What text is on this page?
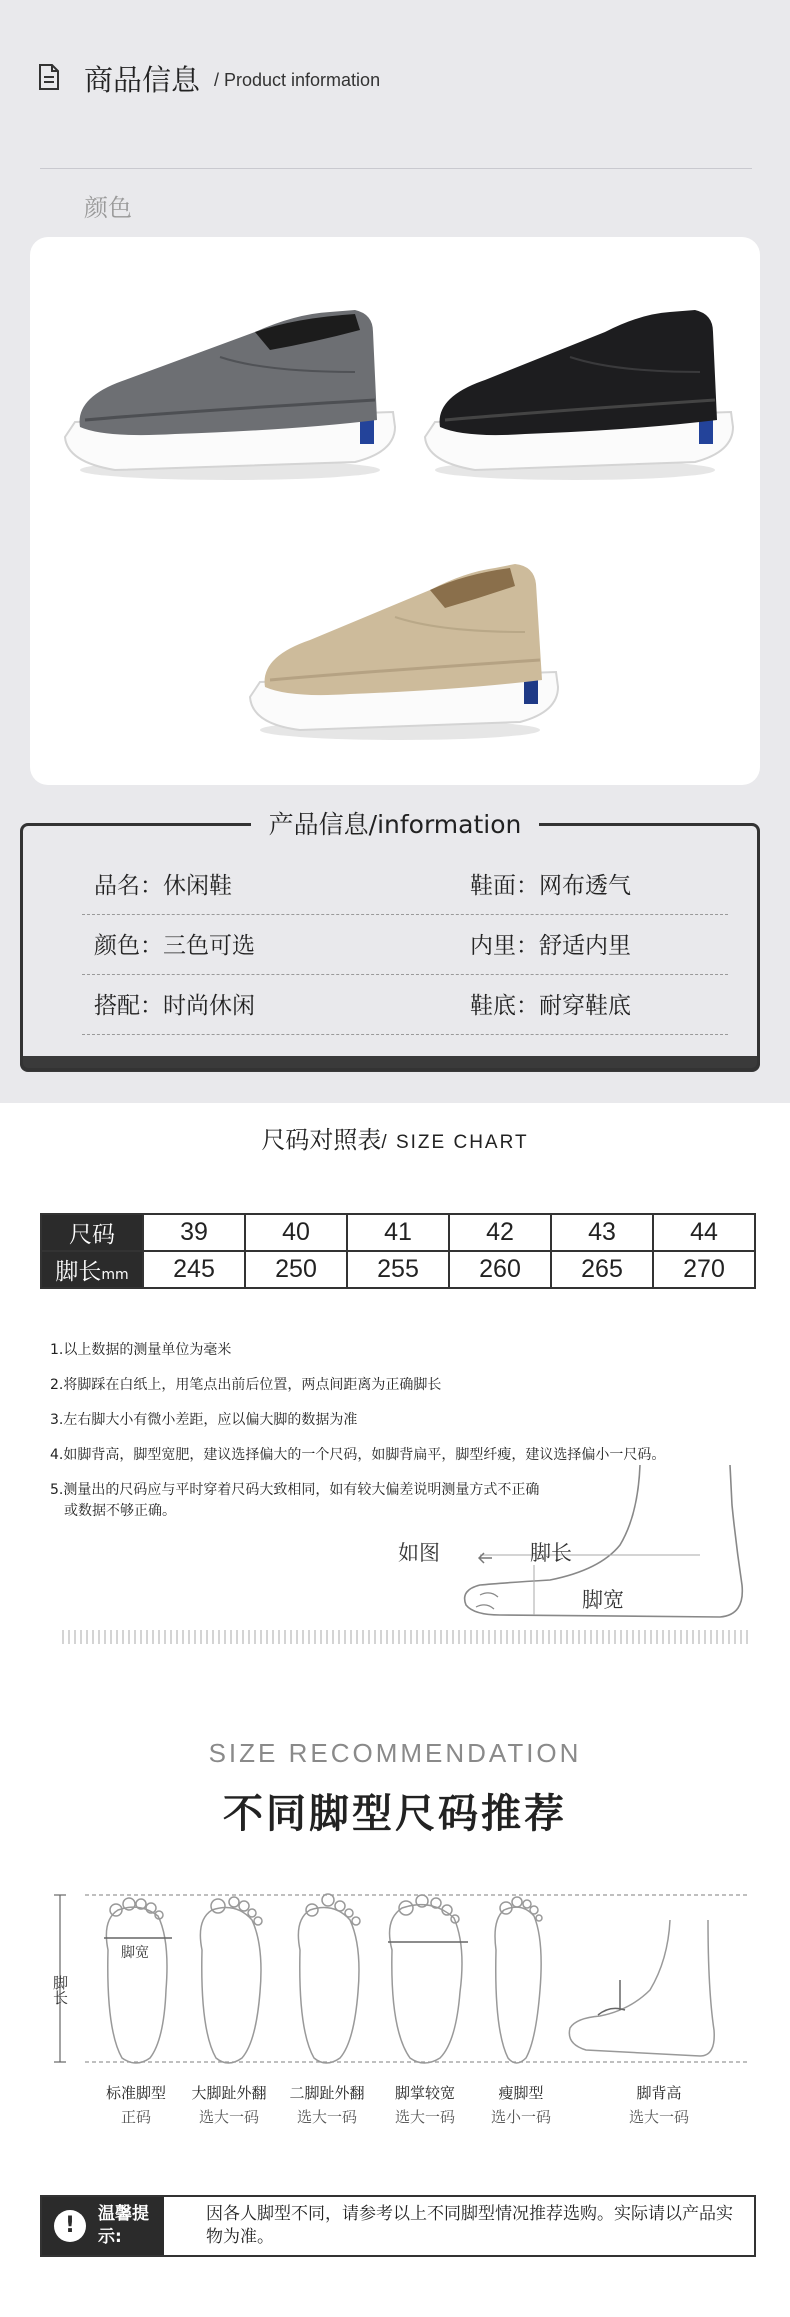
商品信息 / Product information
颜色
产品信息/information
品名：休闲鞋	鞋面：网布透气
颜色：三色可选	内里：舒适内里
搭配：时尚休闲	鞋底：耐穿鞋底
尺码对照表/ SIZE CHART
尺码	39	40	41	42	43	44
脚长mm	245	250	255	260	265	270

1.以上数据的测量单位为毫米

2.将脚踩在白纸上，用笔点出前后位置，两点间距离为正确脚长

3.左右脚大小有微小差距，应以偏大脚的数据为准

4.如脚背高，脚型宽肥，建议选择偏大的一个尺码，如脚背扁平，脚型纤瘦，建议选择偏小一尺码。

5.测量出的尺码应与平时穿着尺码大致相同，如有较大偏差说明测量方式不正确

或数据不够正确。

如图	脚长
脚宽
SIZE RECOMMENDATION
不同脚型尺码推荐
脚长
脚宽
标准脚型
正码
大脚趾外翻
选大一码
二脚趾外翻
选大一码
脚掌较宽
选大一码
瘦脚型
选小一码
脚背高
选大一码
!	温馨提示:
因各人脚型不同，请参考以上不同脚型情况推荐选购。实际请以产品实物为准。
